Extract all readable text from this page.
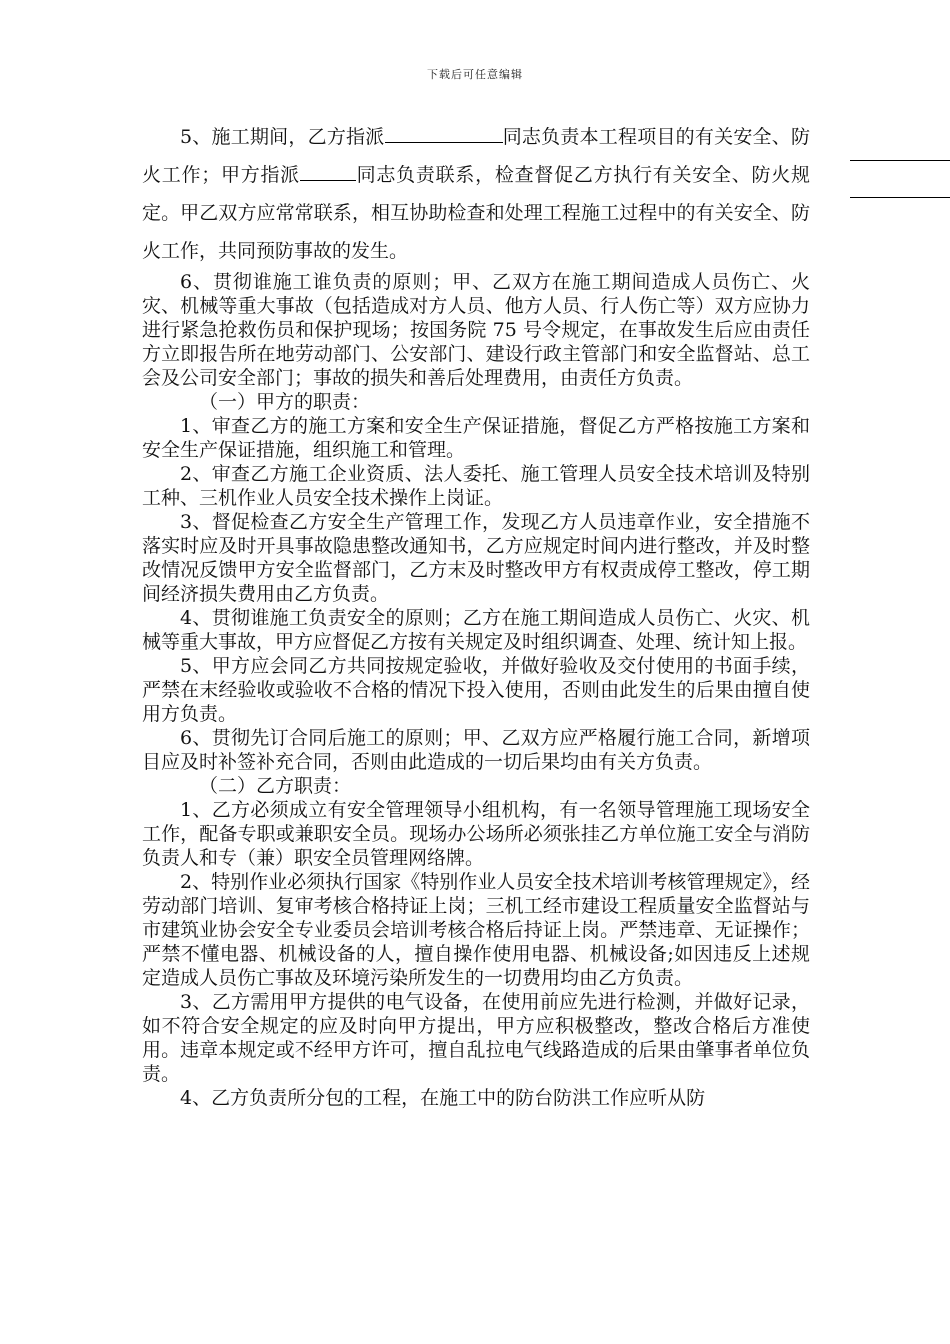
下载后可任意编辑

5、施工期间，乙方指派	同志负责本工程项目的有关安全、防火工作；甲方指派	同志负责联系，检查督促乙方执行有关安全、防火规定。甲乙双方应常常联系，相互协助检查和处理工程施工过程中的有关安全、防火工作，共同预防事故的发生。

6、贯彻谁施工谁负责的原则；甲、乙双方在施工期间造成人员伤亡、火灾、机械等重大事故（包括造成对方人员、他方人员、行人伤亡等）双方应协力进行紧急抢救伤员和保护现场；按国务院 75 号令规定，在事故发生后应由责任方立即报告所在地劳动部门、公安部门、建设行政主管部门和安全监督站、总工会及公司安全部门；事故的损失和善后处理费用，由责任方负责。

（一）甲方的职责：

1、审查乙方的施工方案和安全生产保证措施，督促乙方严格按施工方案和安全生产保证措施，组织施工和管理。

2、审查乙方施工企业资质、法人委托、施工管理人员安全技术培训及特别工种、三机作业人员安全技术操作上岗证。

3、督促检查乙方安全生产管理工作，发现乙方人员违章作业，安全措施不落实时应及时开具事故隐患整改通知书，乙方应规定时间内进行整改，并及时整改情况反馈甲方安全监督部门，乙方末及时整改甲方有权责成停工整改，停工期间经济损失费用由乙方负责。

4、贯彻谁施工负责安全的原则；乙方在施工期间造成人员伤亡、火灾、机械等重大事故，甲方应督促乙方按有关规定及时组织调查、处理、统计知上报。

5、甲方应会同乙方共同按规定验收，并做好验收及交付使用的书面手续，严禁在末经验收或验收不合格的情况下投入使用，否则由此发生的后果由擅自使用方负责。

6、贯彻先订合同后施工的原则；甲、乙双方应严格履行施工合同，新增项目应及时补签补充合同，否则由此造成的一切后果均由有关方负责。

（二）乙方职责：

1、乙方必须成立有安全管理领导小组机构，有一名领导管理施工现场安全工作，配备专职或兼职安全员。现场办公场所必须张挂乙方单位施工安全与消防负责人和专（兼）职安全员管理网络牌。

2、特别作业必须执行国家《特别作业人员安全技术培训考核管理规定》，经劳动部门培训、复审考核合格持证上岗；三机工经市建设工程质量安全监督站与市建筑业协会安全专业委员会培训考核合格后持证上岗。严禁违章、无证操作；严禁不懂电器、机械设备的人，擅自操作使用电器、机械设备;如因违反上述规定造成人员伤亡事故及环境污染所发生的一切费用均由乙方负责。

3、乙方需用甲方提供的电气设备，在使用前应先进行检测，并做好记录，如不符合安全规定的应及时向甲方提出，甲方应积极整改，整改合格后方准使用。违章本规定或不经甲方许可，擅自乱拉电气线路造成的后果由肇事者单位负责。

4、乙方负责所分包的工程，在施工中的防台防洪工作应听从防
